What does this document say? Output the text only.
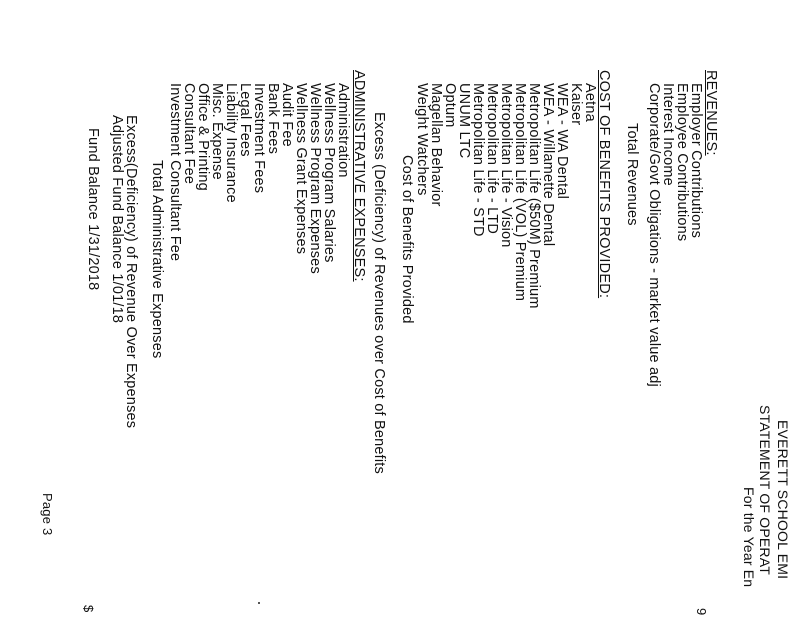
EVERETT SCHOOL EMI
STATEMENT OF OPERAT
For the Year En
REVENUES:
Employer Contributions
Employee Contributions
Interest Income
Corporate/Govt Obligations - market value adj
Total Revenues
COST OF BENEFITS PROVIDED:
Aetna
Kaiser
WEA - WA Dental
WEA - Willamette Dental
Metropolitan Life ($50M) Premium
Metropolitan Life (VOL) Premium
Metropolitan Life - Vision
Metropolitan Life - LTD
Metropolitan Life - STD
UNUM LTC
Optum
Magellan Behavior
Weight Watchers
Cost of Benefits Provided
Excess (Deficiency) of Revenues over Cost of Benefits
ADMINISTRATIVE EXPENSES:
Administration
Wellness Program Salaries
Wellness Program Expenses
Wellness Grant Expenses
Audit Fee
Bank Fees
Investment Fees
Legal Fees
Liability Insurance
Misc. Expense
Office & Printing
Consultant Fee
Investment Consultant Fee
Total Administrative Expenses
Excess(Deficiency) of Revenue Over Expenses
Adjusted Fund Balance 1/01/18
Fund Balance 1/31/2018
Page 3
$	9
